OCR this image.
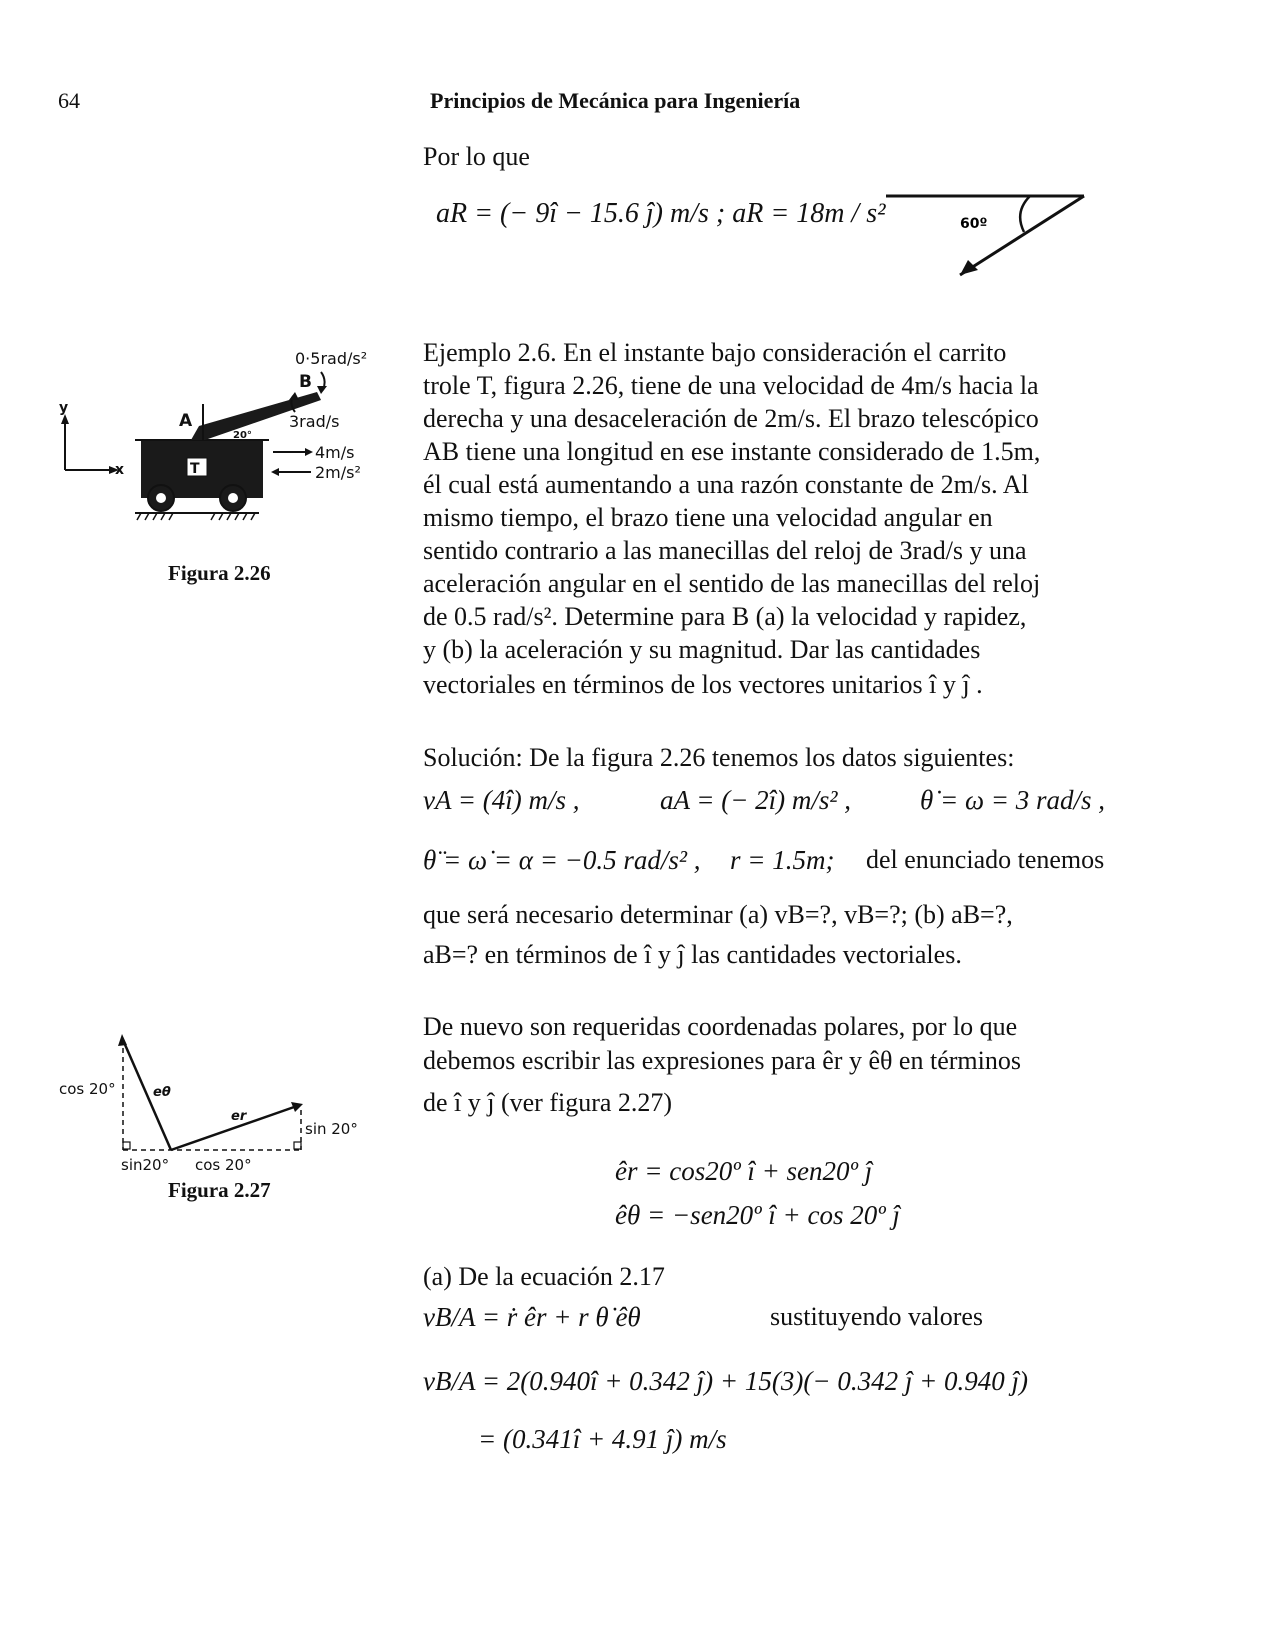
64	Principios de Mecánica para Ingeniería
Por lo que
aR = (− 9î − 15.6 ĵ) m/s ; aR = 18m / s²	60º
y
x	T
A
20°
B
0·5rad/s²
3rad/s
4m/s
2m/s²
Figura 2.26
Ejemplo 2.6. En el instante bajo consideración el carrito
trole T, figura 2.26, tiene de una velocidad de 4m/s hacia la
derecha y una desaceleración de 2m/s. El brazo telescópico
AB tiene una longitud en ese instante considerado de 1.5m,
él cual está aumentando a una razón constante de 2m/s. Al
mismo tiempo, el brazo tiene una velocidad angular en
sentido contrario a las manecillas del reloj de 3rad/s y una
aceleración angular en el sentido de las manecillas del reloj
de 0.5 rad/s². Determine para B (a) la velocidad y rapidez,
y (b) la aceleración y su magnitud. Dar las cantidades
vectoriales en términos de los vectores unitarios î y ĵ .
Solución: De la figura 2.26 tenemos los datos siguientes:
vA = (4î) m/s ,	aA = (− 2î) m/s² ,	θ̇ = ω = 3 rad/s ,
θ̈ = ω̇ = α = −0.5 rad/s² , r = 1.5m; del enunciado tenemos
que será necesario determinar (a) vB=?, vB=?; (b) aB=?,
aB=? en términos de î y ĵ las cantidades vectoriales.
cos 20°	eθ
er
sin 20°
sin20° cos 20°
Figura 2.27
De nuevo son requeridas coordenadas polares, por lo que
debemos escribir las expresiones para êr y êθ en términos
de î y ĵ (ver figura 2.27)
êr = cos20º î + sen20º ĵ
êθ = −sen20º î + cos 20º ĵ
(a) De la ecuación 2.17
vB/A = ṙ êr + r θ̇ êθ	sustituyendo valores
vB/A = 2(0.940î + 0.342 ĵ) + 15(3)(− 0.342 ĵ + 0.940 ĵ)
= (0.341î + 4.91 ĵ) m/s
